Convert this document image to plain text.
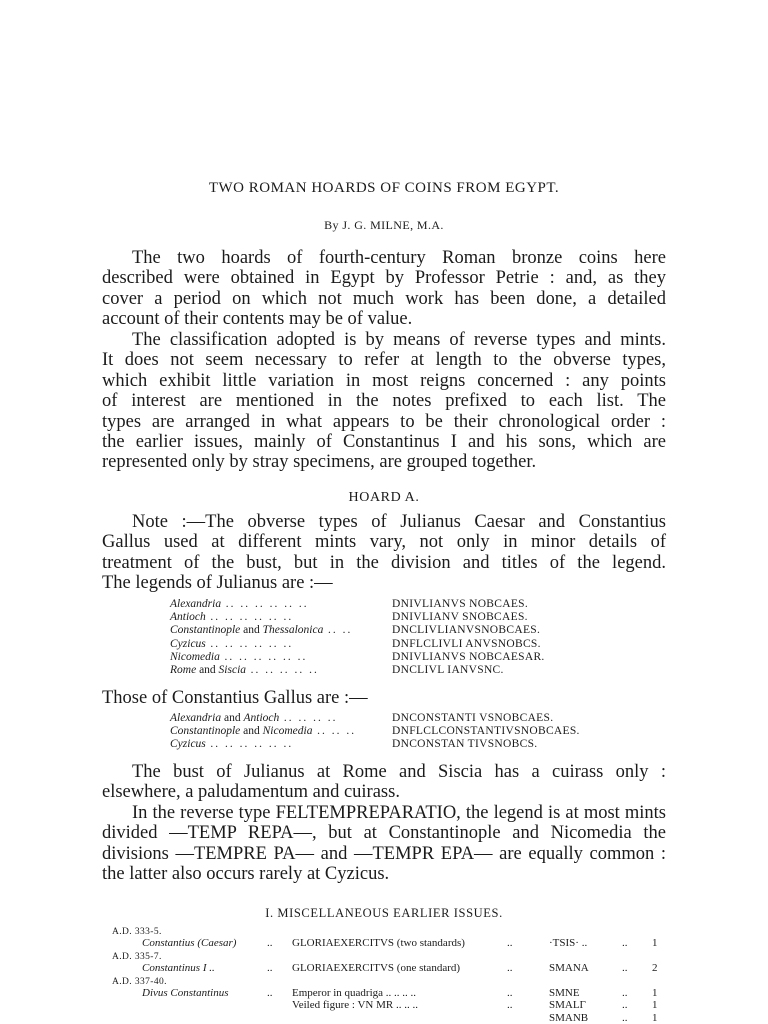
TWO ROMAN HOARDS OF COINS FROM EGYPT.
By J. G. MILNE, M.A.
The two hoards of fourth-century Roman bronze coins here
described were obtained in Egypt by Professor Petrie : and, as they
cover a period on which not much work has been done, a detailed
account of their contents may be of value.
The classification adopted is by means of reverse types and mints.
It does not seem necessary to refer at length to the obverse types,
which exhibit little variation in most reigns concerned : any points
of interest are mentioned in the notes prefixed to each list. The
types are arranged in what appears to be their chronological order :
the earlier issues, mainly of Constantinus I and his sons, which are
represented only by stray specimens, are grouped together.
HOARD A.
Note :—The obverse types of Julianus Caesar and Constantius
Gallus used at different mints vary, not only in minor details of
treatment of the bust, but in the division and titles of the legend.
The legends of Julianus are :—
Alexandria .. .. .. .. .. ..	DNIVLIANVS NOBCAES.
Antioch .. .. .. .. .. ..	DNIVLIANV SNOBCAES.
Constantinople and Thessalonica .. ..	DNCLIVLIANVSNOBCAES.
Cyzicus .. .. .. .. .. ..	DNFLCLIVLI ANVSNOBCS.
Nicomedia .. .. .. .. .. ..	DNIVLIANVS NOBCAESAR.
Rome and Siscia .. .. .. .. ..	DNCLIVL IANVSNC.
Those of Constantius Gallus are :—
Alexandria and Antioch .. .. .. ..	DNCONSTANTI VSNOBCAES.
Constantinople and Nicomedia .. .. ..	DNFLCLCONSTANTIVSNOBCAES.
Cyzicus .. .. .. .. .. ..	DNCONSTAN TIVSNOBCS.
The bust of Julianus at Rome and Siscia has a cuirass only :
elsewhere, a paludamentum and cuirass.
In the reverse type FELTEMPREPARATIO, the legend is at most mints
divided —TEMP REPA—, but at Constantinople and Nicomedia the
divisions —TEMPRE PA— and —TEMPR EPA— are equally common :
the latter also occurs rarely at Cyzicus.
I. MISCELLANEOUS EARLIER ISSUES.
A.D. 333-5.
Constantius (Caesar)	.. GLORIAEXERCITVS (two standards)	..	·TSIS· ..	.. 1
A.D. 335-7.
Constantinus I ..	.. GLORIAEXERCITVS (one standard)	..	SMANA	.. 2
A.D. 337-40.
Divus Constantinus	.. Emperor in quadriga .. .. .. ..	..	SMNE	.. 1
Veiled figure : VN MR .. .. ..	..	SMALΓ	.. 1
SMANB	.. 1
